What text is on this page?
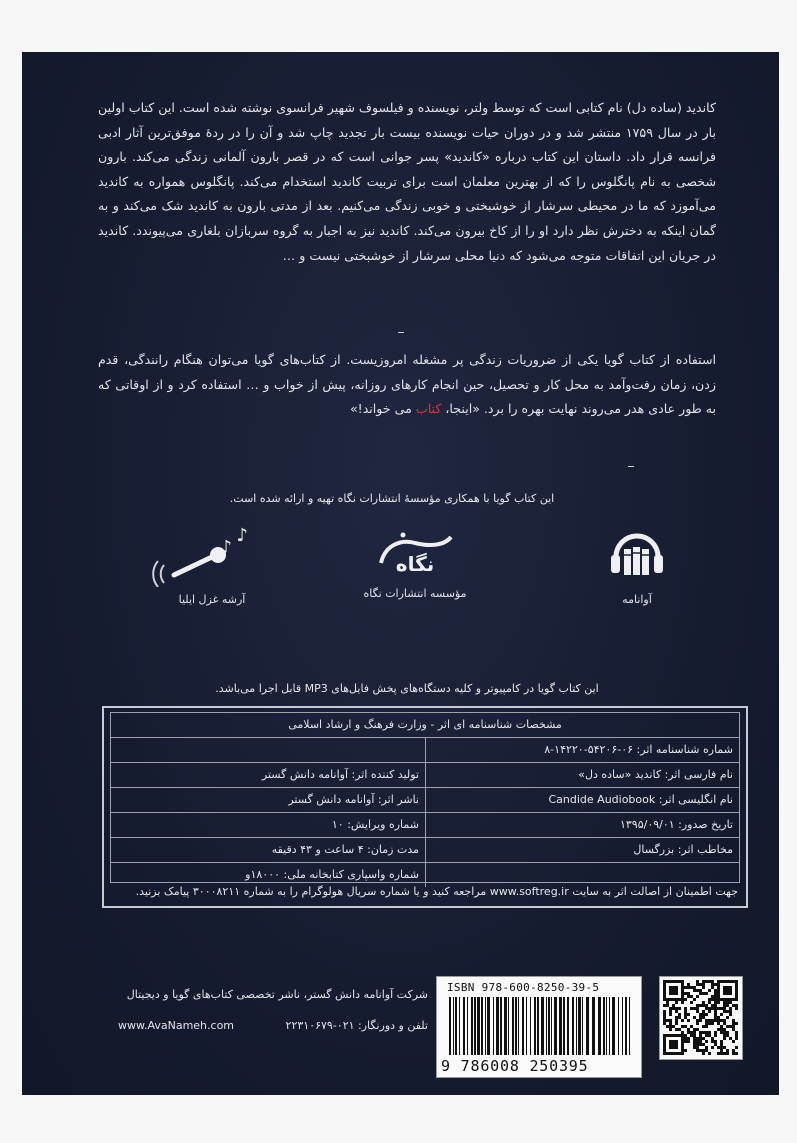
کاندید (ساده دل) نام کتابی است که توسط ولتر، نویسنده و فیلسوف شهیر فرانسوی نوشته شده است. این کتاب اولین بار در سال ۱۷۵۹ منتشر شد و در دوران حیات نویسنده بیست بار تجدید چاپ شد و آن را در ردهٔ موفق‌ترین آثار ادبی فرانسه قرار داد. داستان این کتاب درباره «کاندید» پسر جوانی است که در قصر بارون آلمانی زندگی می‌کند. بارون شخصی به نام پانگلوس را که از بهترین معلمان است برای تربیت کاندید استخدام می‌کند. پانگلوس همواره به کاندید می‌آموزد که ما در محیطی سرشار از خوشبختی و خوبی زندگی می‌کنیم. بعد از مدتی بارون به کاندید شک می‌کند و به گمان اینکه به دخترش نظر دارد او را از کاخ بیرون می‌کند. کاندید نیز به اجبار به گروه سربازان بلغاری می‌پیوندد. کاندید در جریان این اتفاقات متوجه می‌شود که دنیا محلی سرشار از خوشبختی نیست و …
استفاده از کتاب گویا یکی از ضروریات زندگی پر مشغله امروزیست. از کتاب‌های گویا می‌توان هنگام رانندگی، قدم زدن، زمان رفت‌وآمد به محل کار و تحصیل، حین انجام کارهای روزانه، پیش از خواب و … استفاده کرد و از اوقاتی که به طور عادی هدر می‌روند نهایت بهره را برد. «اینجا، کتاب می خواند!»
این کتاب گویا با همکاری مؤسسهٔ انتشارات نگاه تهیه و ارائه شده است.
آوانامه
نگاه
مؤسسه انتشارات نگاه
♪
♪
آرشه غزل ایلیا
این کتاب گویا در کامپیوتر و کلیه دستگاه‌های پخش فایل‌های MP3 قابل اجرا می‌باشد.
مشخصات شناسنامه ای اثر - وزارت فرهنگ و ارشاد اسلامی
شماره شناسنامه اثر: ۰۶-۵۴۲۰۶-۱۴۲۲۰-۸
نام فارسی اثر: کاندید «ساده دل»
تولید کننده اثر: آوانامه دانش گستر
نام انگلیسی اثر: Candide Audiobook
ناشر اثر: آوانامه دانش گستر
تاریخ صدور: ۱۳۹۵/۰۹/۰۱
شماره ویرایش: ۱۰
مخاطب اثر: بزرگسال
مدت زمان: ۴ ساعت و ۴۳ دقیقه
شماره واسپاری کتابخانه ملی: ۱۸۰۰۰و
جهت اطمینان از اصالت اثر به سایت www.softreg.ir مراجعه کنید و یا شماره سریال هولوگرام را به شماره ۳۰۰۰۸۲۱۱ پیامک بزنید.
شرکت آوانامه دانش گستر، ناشر تخصصی کتاب‌های گویا و دیجیتال
تلفن و دورنگار: ۰۲۱-۲۲۳۱۰۶۷۹
www.AvaNameh.com
ISBN 978-600-8250-39-5
9 786008 250395
